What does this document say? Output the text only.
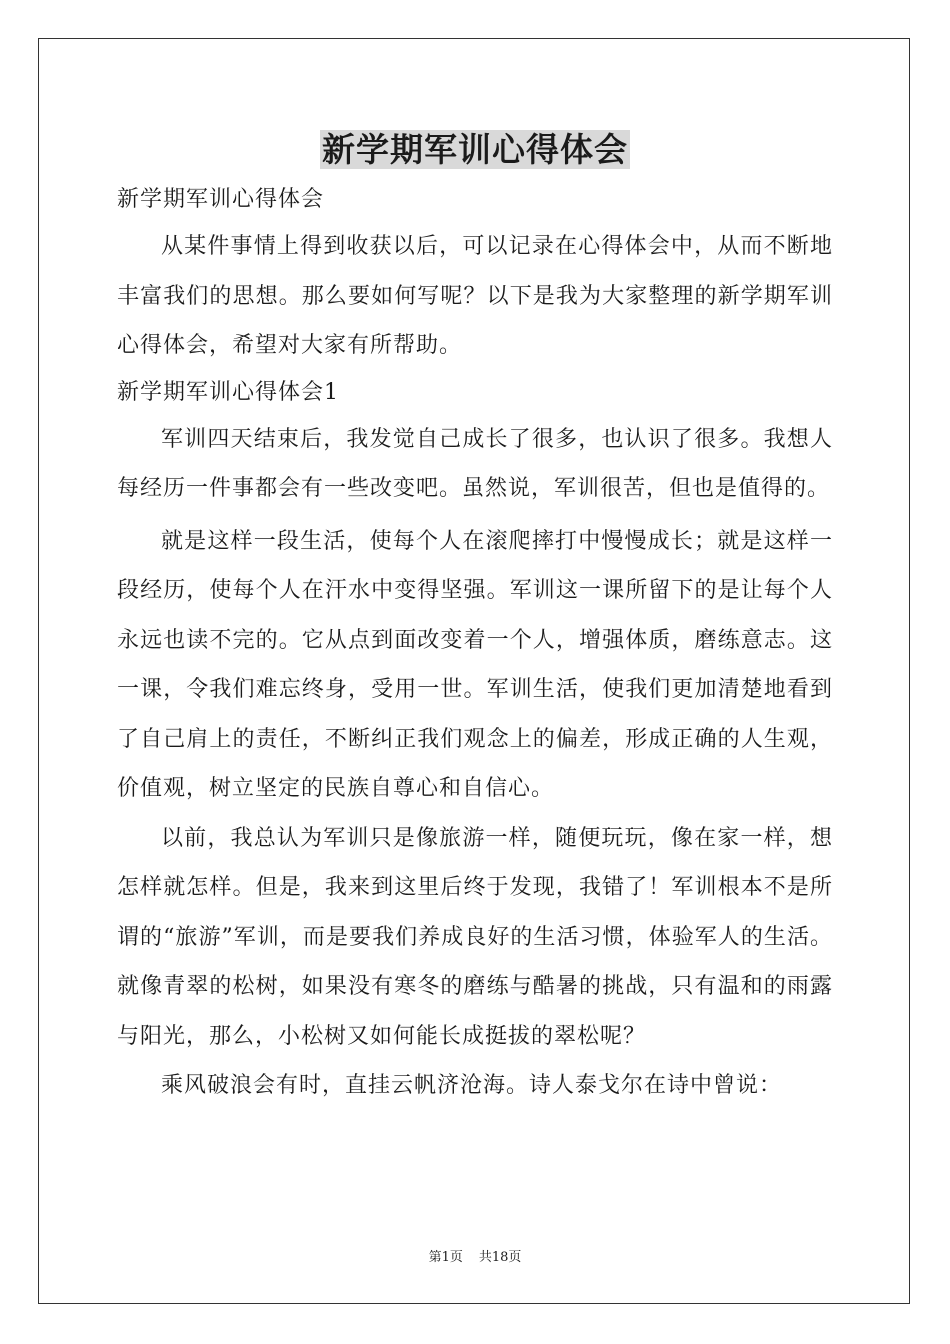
新学期军训心得体会

新学期军训心得体会

从某件事情上得到收获以后，可以记录在心得体会中，从而不断地丰富我们的思想。那么要如何写呢？以下是我为大家整理的新学期军训心得体会，希望对大家有所帮助。

新学期军训心得体会1

军训四天结束后，我发觉自己成长了很多，也认识了很多。我想人每经历一件事都会有一些改变吧。虽然说，军训很苦，但也是值得的。

就是这样一段生活，使每个人在滚爬摔打中慢慢成长；就是这样一段经历，使每个人在汗水中变得坚强。军训这一课所留下的是让每个人永远也读不完的。它从点到面改变着一个人，增强体质，磨练意志。这一课，令我们难忘终身，受用一世。军训生活，使我们更加清楚地看到了自己肩上的责任，不断纠正我们观念上的偏差，形成正确的人生观，价值观，树立坚定的民族自尊心和自信心。

以前，我总认为军训只是像旅游一样，随便玩玩，像在家一样，想怎样就怎样。但是，我来到这里后终于发现，我错了！军训根本不是所谓的“旅游”军训，而是要我们养成良好的生活习惯，体验军人的生活。就像青翠的松树，如果没有寒冬的磨练与酷暑的挑战，只有温和的雨露与阳光，那么，小松树又如何能长成挺拔的翠松呢？

乘风破浪会有时，直挂云帆济沧海。诗人泰戈尔在诗中曾说：

第1页 共18页
